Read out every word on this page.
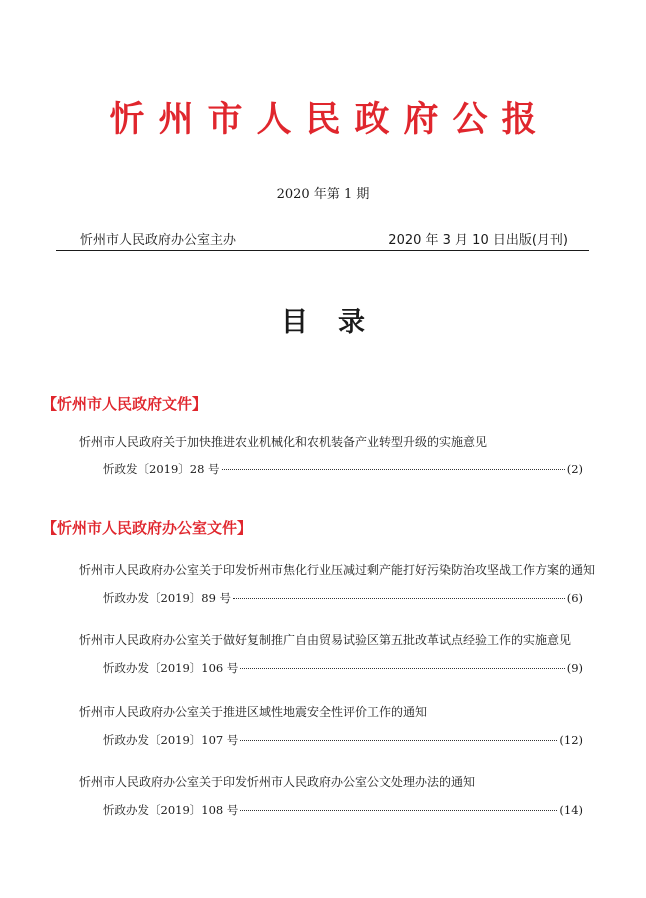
忻州市人民政府公报
2020 年第 1 期
忻州市人民政府办公室主办	2020 年 3 月 10 日出版(月刊)
目录
【忻州市人民政府文件】
忻州市人民政府关于加快推进农业机械化和农机装备产业转型升级的实施意见
忻政发〔2019〕28 号	(2)
【忻州市人民政府办公室文件】
忻州市人民政府办公室关于印发忻州市焦化行业压减过剩产能打好污染防治攻坚战工作方案的通知
忻政办发〔2019〕89 号	(6)
忻州市人民政府办公室关于做好复制推广自由贸易试验区第五批改革试点经验工作的实施意见
忻政办发〔2019〕106 号	(9)
忻州市人民政府办公室关于推进区域性地震安全性评价工作的通知
忻政办发〔2019〕107 号	(12)
忻州市人民政府办公室关于印发忻州市人民政府办公室公文处理办法的通知
忻政办发〔2019〕108 号	(14)
